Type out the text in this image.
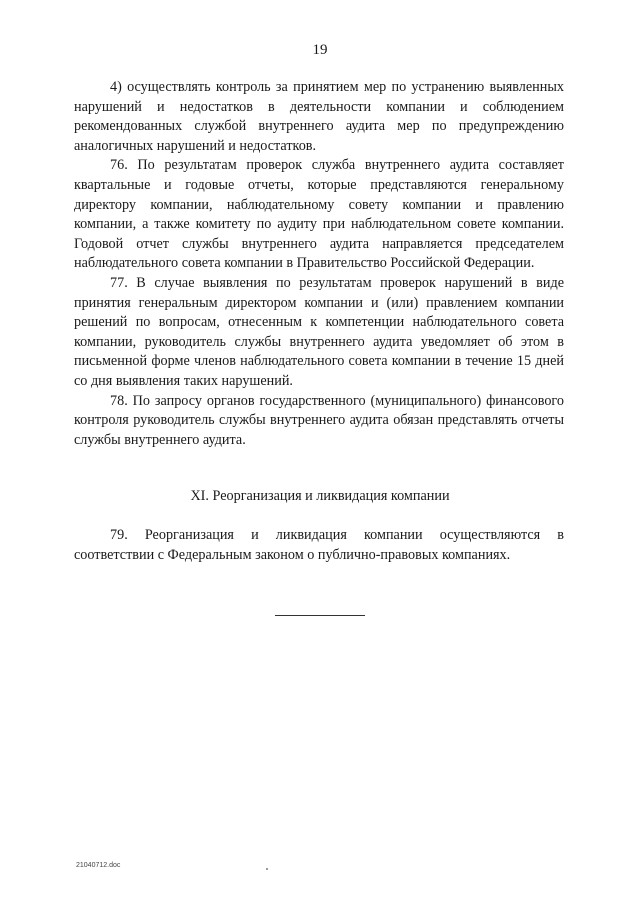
19

4) осуществлять контроль за принятием мер по устранению выявленных нарушений и недостатков в деятельности компании и соблюдением рекомендованных службой внутреннего аудита мер по предупреждению аналогичных нарушений и недостатков.

76. По результатам проверок служба внутреннего аудита составляет квартальные и годовые отчеты, которые представляются генеральному директору компании, наблюдательному совету компании и правлению компании, а также комитету по аудиту при наблюдательном совете компании. Годовой отчет службы внутреннего аудита направляется председателем наблюдательного совета компании в Правительство Российской Федерации.

77. В случае выявления по результатам проверок нарушений в виде принятия генеральным директором компании и (или) правлением компании решений по вопросам, отнесенным к компетенции наблюдательного совета компании, руководитель службы внутреннего аудита уведомляет об этом в письменной форме членов наблюдательного совета компании в течение 15 дней со дня выявления таких нарушений.

78. По запросу органов государственного (муниципального) финансового контроля руководитель службы внутреннего аудита обязан представлять отчеты службы внутреннего аудита.

XI. Реорганизация и ликвидация компании

79. Реорганизация и ликвидация компании осуществляются в соответствии с Федеральным законом о публично-правовых компаниях.

21040712.doc
